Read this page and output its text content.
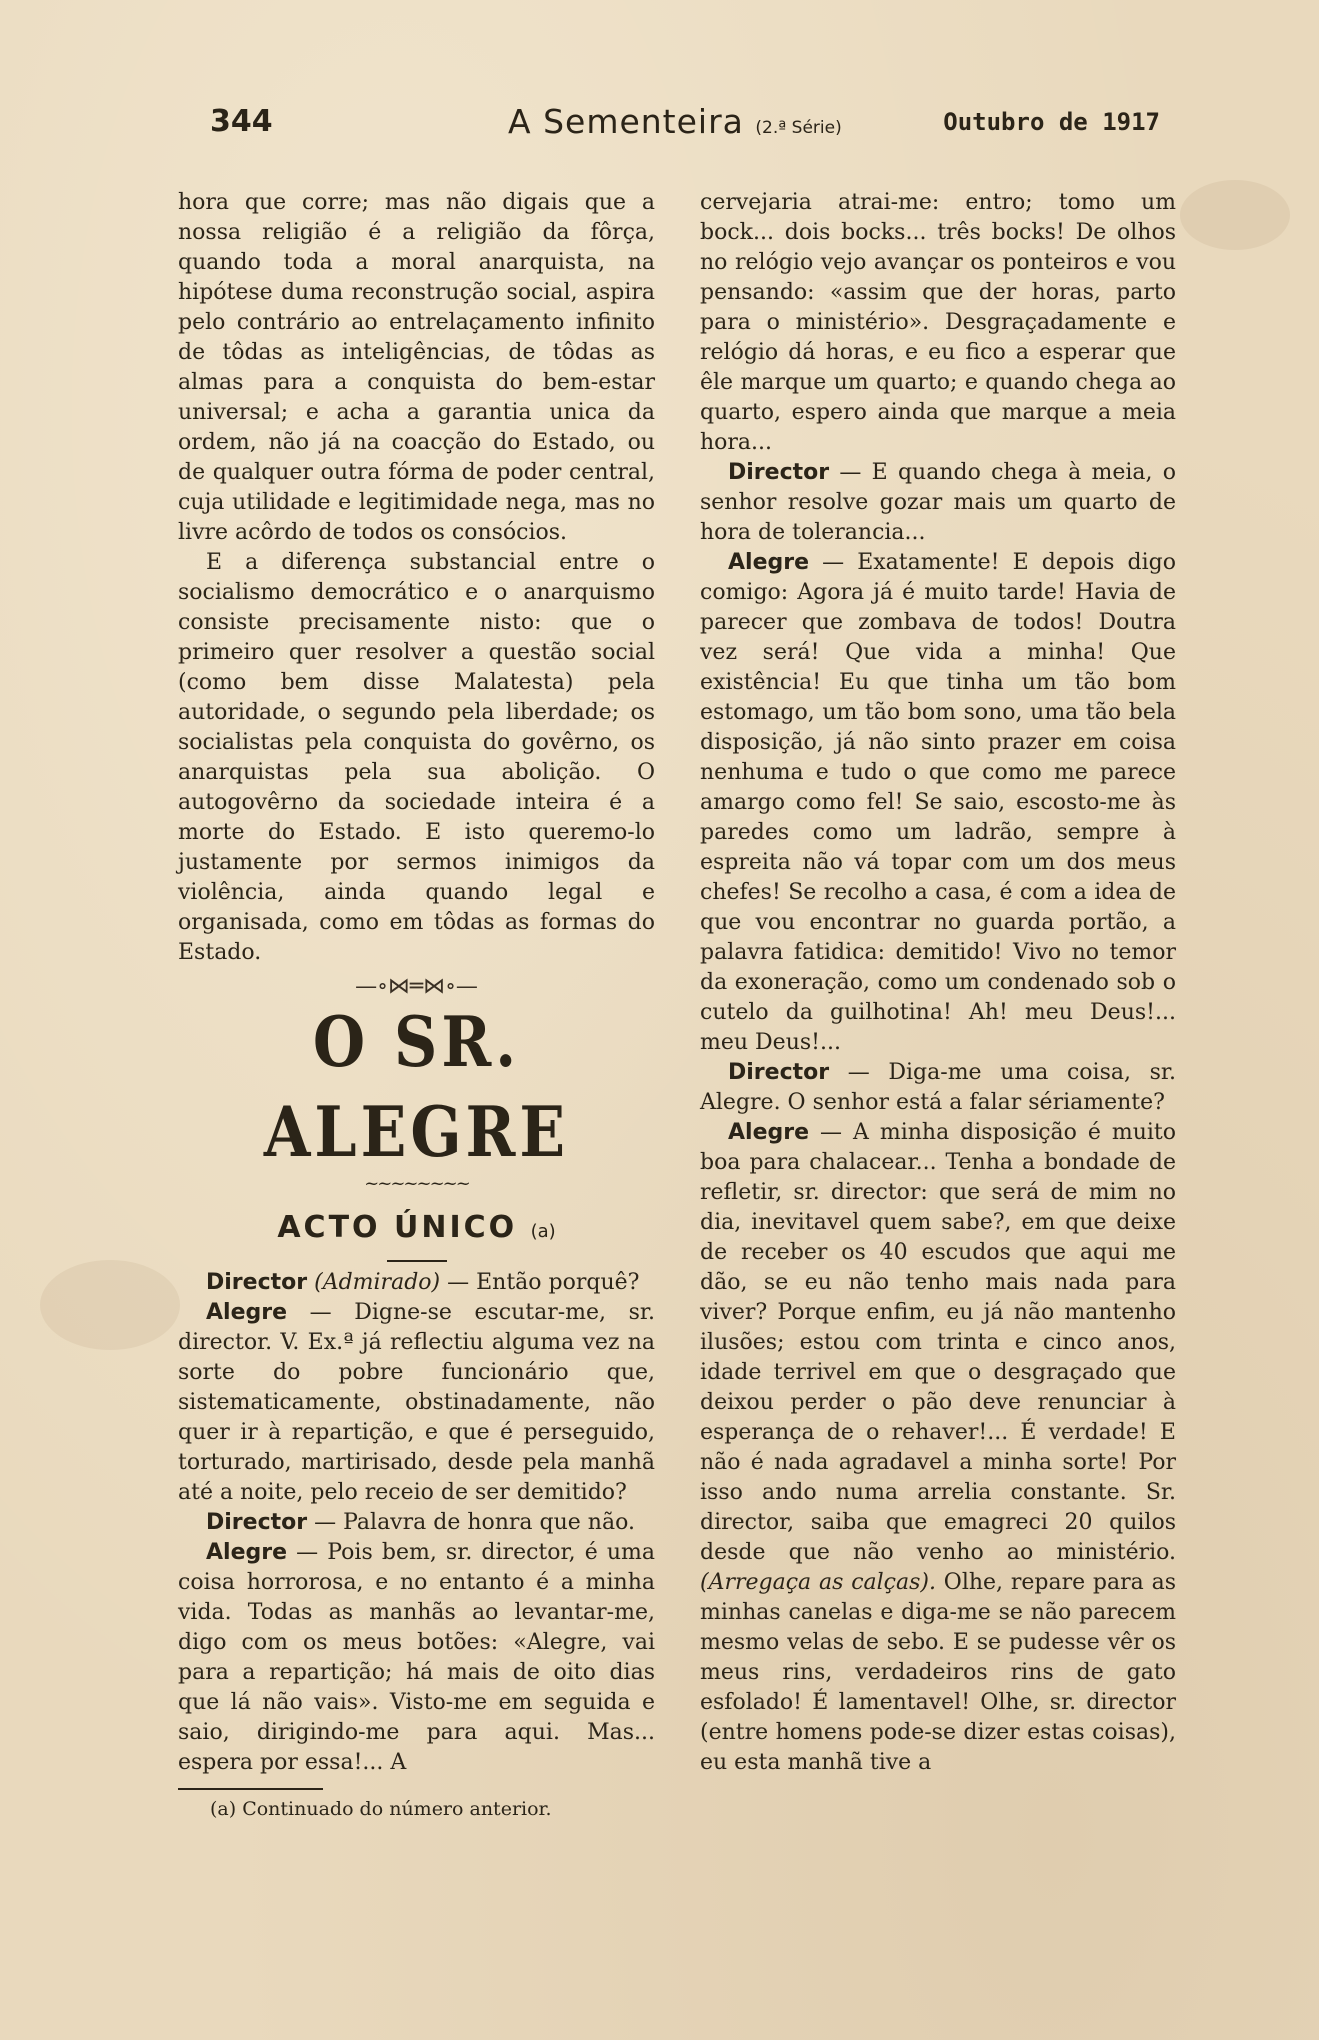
344	A Sementeira (2.ª Série)	Outubro de 1917

hora que corre; mas não digais que a nossa religião é a religião da fôrça, quando toda a moral anarquista, na hipótese duma reconstrução social, aspira pelo contrário ao entrelaçamento infinito de tôdas as inteligências, de tôdas as almas para a conquista do bem-estar universal; e acha a garantia unica da ordem, não já na coacção do Estado, ou de qualquer outra fórma de poder central, cuja utilidade e legitimidade nega, mas no livre acôrdo de todos os consócios.

E a diferença substancial entre o socialismo democrático e o anarquismo consiste precisamente nisto: que o primeiro quer resolver a questão social (como bem disse Malatesta) pela autoridade, o segundo pela liberdade; os socialistas pela conquista do govêrno, os anarquistas pela sua abolição. O autogovêrno da sociedade inteira é a morte do Estado. E isto queremo-lo justamente por sermos inimigos da violência, ainda quando legal e organisada, como em tôdas as formas do Estado.

—∘⋈═⋈∘—
O SR. ALEGRE
~~~~~~~~
ACTO ÚNICO (a)

Director (Admirado) — Então porquê?

Alegre — Digne-se escutar-me, sr. director. V. Ex.ª já reflectiu alguma vez na sorte do pobre funcionário que, sistematicamente, obstinadamente, não quer ir à repartição, e que é perseguido, torturado, martirisado, desde pela manhã até a noite, pelo receio de ser demitido?

Director — Palavra de honra que não.

Alegre — Pois bem, sr. director, é uma coisa horrorosa, e no entanto é a minha vida. Todas as manhãs ao levantar-me, digo com os meus botões: «Alegre, vai para a repartição; há mais de oito dias que lá não vais». Visto-me em seguida e saio, dirigindo-me para aqui. Mas... espera por essa!... A

(a) Continuado do número anterior.

cervejaria atrai-me: entro; tomo um bock... dois bocks... três bocks! De olhos no relógio vejo avançar os ponteiros e vou pensando: «assim que der horas, parto para o ministério». Desgraçadamente e relógio dá horas, e eu fico a esperar que êle marque um quarto; e quando chega ao quarto, espero ainda que marque a meia hora...

Director — E quando chega à meia, o senhor resolve gozar mais um quarto de hora de tolerancia...

Alegre — Exatamente! E depois digo comigo: Agora já é muito tarde! Havia de parecer que zombava de todos! Doutra vez será! Que vida a minha! Que existência! Eu que tinha um tão bom estomago, um tão bom sono, uma tão bela disposição, já não sinto prazer em coisa nenhuma e tudo o que como me parece amargo como fel! Se saio, escosto-me às paredes como um ladrão, sempre à espreita não vá topar com um dos meus chefes! Se recolho a casa, é com a idea de que vou encontrar no guarda portão, a palavra fatidica: demitido! Vivo no temor da exoneração, como um condenado sob o cutelo da guilhotina! Ah! meu Deus!... meu Deus!...

Director — Diga-me uma coisa, sr. Alegre. O senhor está a falar sériamente?

Alegre — A minha disposição é muito boa para chalacear... Tenha a bondade de refletir, sr. director: que será de mim no dia, inevitavel quem sabe?, em que deixe de receber os 40 escudos que aqui me dão, se eu não tenho mais nada para viver? Porque enfim, eu já não mantenho ilusões; estou com trinta e cinco anos, idade terrivel em que o desgraçado que deixou perder o pão deve renunciar à esperança de o rehaver!... É verdade! E não é nada agradavel a minha sorte! Por isso ando numa arrelia constante. Sr. director, saiba que emagreci 20 quilos desde que não venho ao ministério. (Arregaça as calças). Olhe, repare para as minhas canelas e diga-me se não parecem mesmo velas de sebo. E se pudesse vêr os meus rins, verdadeiros rins de gato esfolado! É lamentavel! Olhe, sr. director (entre homens pode-se dizer estas coisas), eu esta manhã tive a
